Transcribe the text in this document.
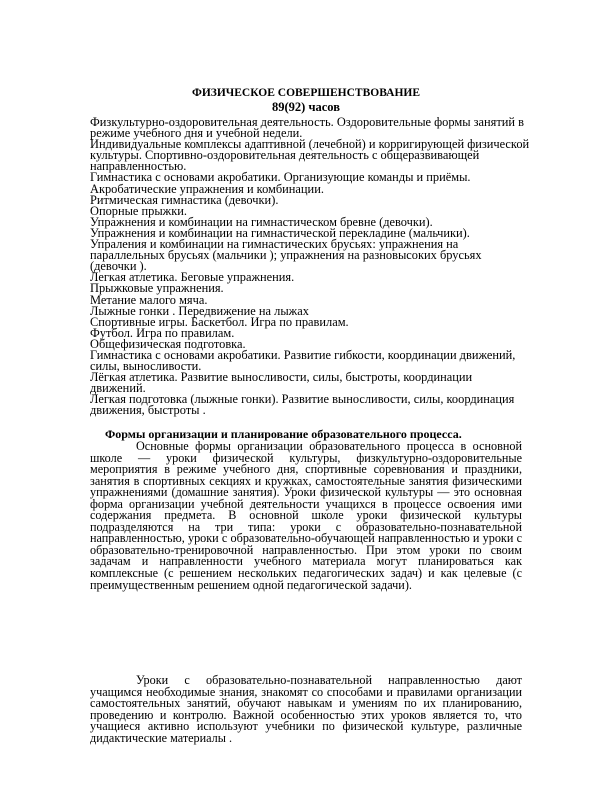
ФИЗИЧЕСКОЕ СОВЕРШЕНСТВОВАНИЕ
89(92) часов
Физкультурно-оздоровительная деятельность. Оздоровительные формы занятий в режиме учебного дня и учебной недели.
Индивидуальные комплексы адаптивной (лечебной) и корригирующей физической культуры. Спортивно-оздоровительная деятельность с общеразвивающей направленностью.
Гимнастика с основами акробатики. Организующие команды и приёмы.
Акробатические упражнения и комбинации.
Ритмическая гимнастика (девочки).
Опорные прыжки.
Упражнения и комбинации на гимнастическом бревне (девочки).
Упражнения и комбинации на гимнастической перекладине (мальчики).
Упраления и комбинации на гимнастических брусьях: упражнения на параллельных брусьях (мальчики ); упражнения на разновысоких брусьях (девочки ).
Легкая атлетика. Беговые упражнения.
Прыжковые упражнения.
Метание малого мяча.
Лыжные гонки . Передвижение на лыжах
Спортивные игры. Баскетбол. Игра по правилам.
Футбол. Игра по правилам.
Общефизическая подготовка.
Гимнастика с основами акробатики. Развитие гибкости, координации движений, силы, выносливости.
Лёгкая атлетика. Развитие выносливости, силы, быстроты, координации движений.
Легкая подготовка (лыжные гонки). Развитие выносливости, силы, координация движения, быстроты .
Формы организации и планирование образовательного процесса.
Основные формы организации образовательного процесса в основной школе — уроки физической культуры, физкультурно-оздоровительные мероприятия в режиме учебного дня, спортивные соревнования и праздники, занятия в спортивных секциях и кружках, самостоятельные занятия физическими упражнениями (домашние занятия). Уроки физической культуры — это основная форма организации учебной деятельности учащихся в процессе освоения ими содержания предмета. В основной школе уроки физической культуры подразделяются на три типа: уроки с образовательно-познавательной направленностью, уроки с образовательно-обучающей направленностью и уроки с образовательно-тренировочной направленностью. При этом уроки по своим задачам и направленности учебного материала могут планироваться как комплексные (с решением нескольких педагогических задач) и как целевые (с преимущественным решением одной педагогической задачи).
Уроки с образовательно-познавательной направленностью дают учащимся необходимые знания, знакомят со способами и правилами организации самостоятельных занятий, обучают навыкам и умениям по их планированию, проведению и контролю. Важной особенностью этих уроков является то, что учащиеся активно используют учебники по физической культуре, различные дидактические материалы .
